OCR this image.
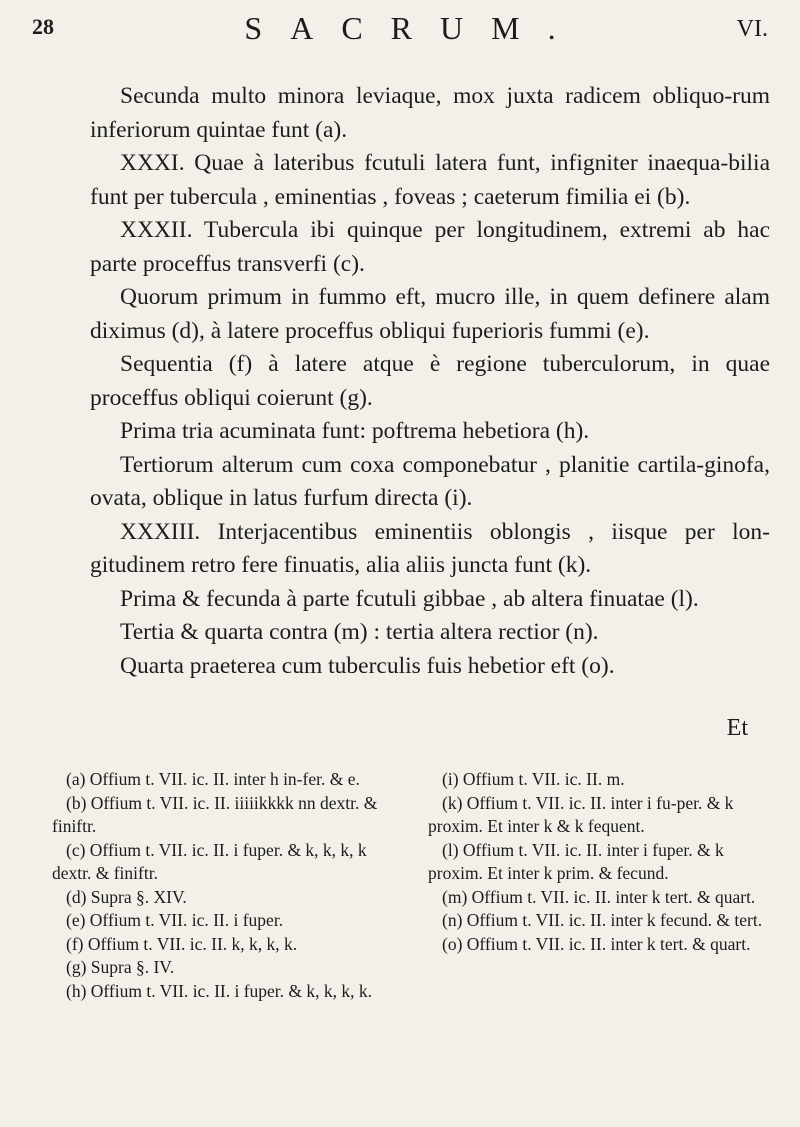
28	SACRUM.	VI.

Secunda multo minora leviaque, mox juxta radicem obliquo-rum inferiorum quintae funt (a).

XXXI. Quae à lateribus fcutuli latera funt, infigniter inaequa-bilia funt per tubercula , eminentias , foveas ; caeterum fimilia ei (b).

XXXII. Tubercula ibi quinque per longitudinem, extremi ab hac parte proceffus transverfi (c).

Quorum primum in fummo eft, mucro ille, in quem definere alam diximus (d), à latere proceffus obliqui fuperioris fummi (e).

Sequentia (f) à latere atque è regione tuberculorum, in quae proceffus obliqui coierunt (g).

Prima tria acuminata funt: poftrema hebetiora (h).

Tertiorum alterum cum coxa componebatur , planitie cartila-ginofa, ovata, oblique in latus furfum directa (i).

XXXIII. Interjacentibus eminentiis oblongis , iisque per lon-gitudinem retro fere finuatis, alia aliis juncta funt (k).

Prima & fecunda à parte fcutuli gibbae , ab altera finuatae (l).

Tertia & quarta contra (m) : tertia altera rectior (n).

Quarta praeterea cum tuberculis fuis hebetior eft (o).

Et

(a) Offium t. VII. ic. II. inter h in-fer. & e.

(b) Offium t. VII. ic. II. iiiiikkkk nn dextr. & finiftr.

(c) Offium t. VII. ic. II. i fuper. & k, k, k, k dextr. & finiftr.

(d) Supra §. XIV.

(e) Offium t. VII. ic. II. i fuper.

(f) Offium t. VII. ic. II. k, k, k, k.

(g) Supra §. IV.

(h) Offium t. VII. ic. II. i fuper. & k, k, k, k.

(i) Offium t. VII. ic. II. m.

(k) Offium t. VII. ic. II. inter i fu-per. & k proxim. Et inter k & k fequent.

(l) Offium t. VII. ic. II. inter i fuper. & k proxim. Et inter k prim. & fecund.

(m) Offium t. VII. ic. II. inter k tert. & quart.

(n) Offium t. VII. ic. II. inter k fecund. & tert.

(o) Offium t. VII. ic. II. inter k tert. & quart.
